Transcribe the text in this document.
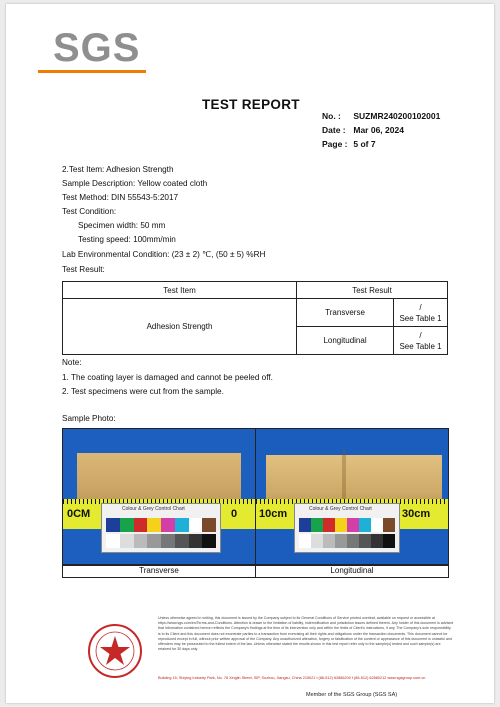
SGS
TEST REPORT
No. : SUZMR240200102001
Date : Mar 06, 2024
Page : 5 of 7
2.Test Item: Adhesion Strength
Sample Description: Yellow coated cloth
Test Method: DIN 55543-5:2017
Test Condition:
Specimen width: 50 mm
Testing speed: 100mm/min
Lab Environmental Condition: (23 ± 2) ℃, (50 ± 5) %RH
Test Result:
Test Item	Test Result	
Adhesion Strength	Transverse	/
See Table 1

	Longitudinal	/
See Table 1
Note:
1. The coating layer is damaged and cannot be peeled off.
2. Test specimens were cut from the sample.
Sample Photo:
0CM	0
Colour & Grey Control Chart
Transverse
10cm	30cm
Colour & Grey Control Chart
Longitudinal
Unless otherwise agreed in writing, this document is issued by the Company subject to its General Conditions of Service printed overleaf, available on request or accessible at https://www.sgs.com/en/Terms-and-Conditions. Attention is drawn to the limitation of liability, indemnification and jurisdiction issues defined therein. Any holder of this document is advised that information contained hereon reflects the Company's findings at the time of its intervention only and within the limits of Client's instructions, if any. The Company's sole responsibility is to its Client and this document does not exonerate parties to a transaction from exercising all their rights and obligations under the transaction documents. This document cannot be reproduced except in full, without prior written approval of the Company. Any unauthorized alteration, forgery or falsification of the content or appearance of this document is unlawful and offenders may be prosecuted to the fullest extent of the law. Unless otherwise stated the results shown in this test report refer only to the sample(s) tested and such sample(s) are retained for 30 days only.
Building 15, Shiying Industry Park, No. 78 Xinglin Street, SIP, Suzhou, Jiangsu, China 215021 t (86-512) 62886200 f (86-512) 62880212 www.sgsgroup.com.cn
Member of the SGS Group (SGS SA)
